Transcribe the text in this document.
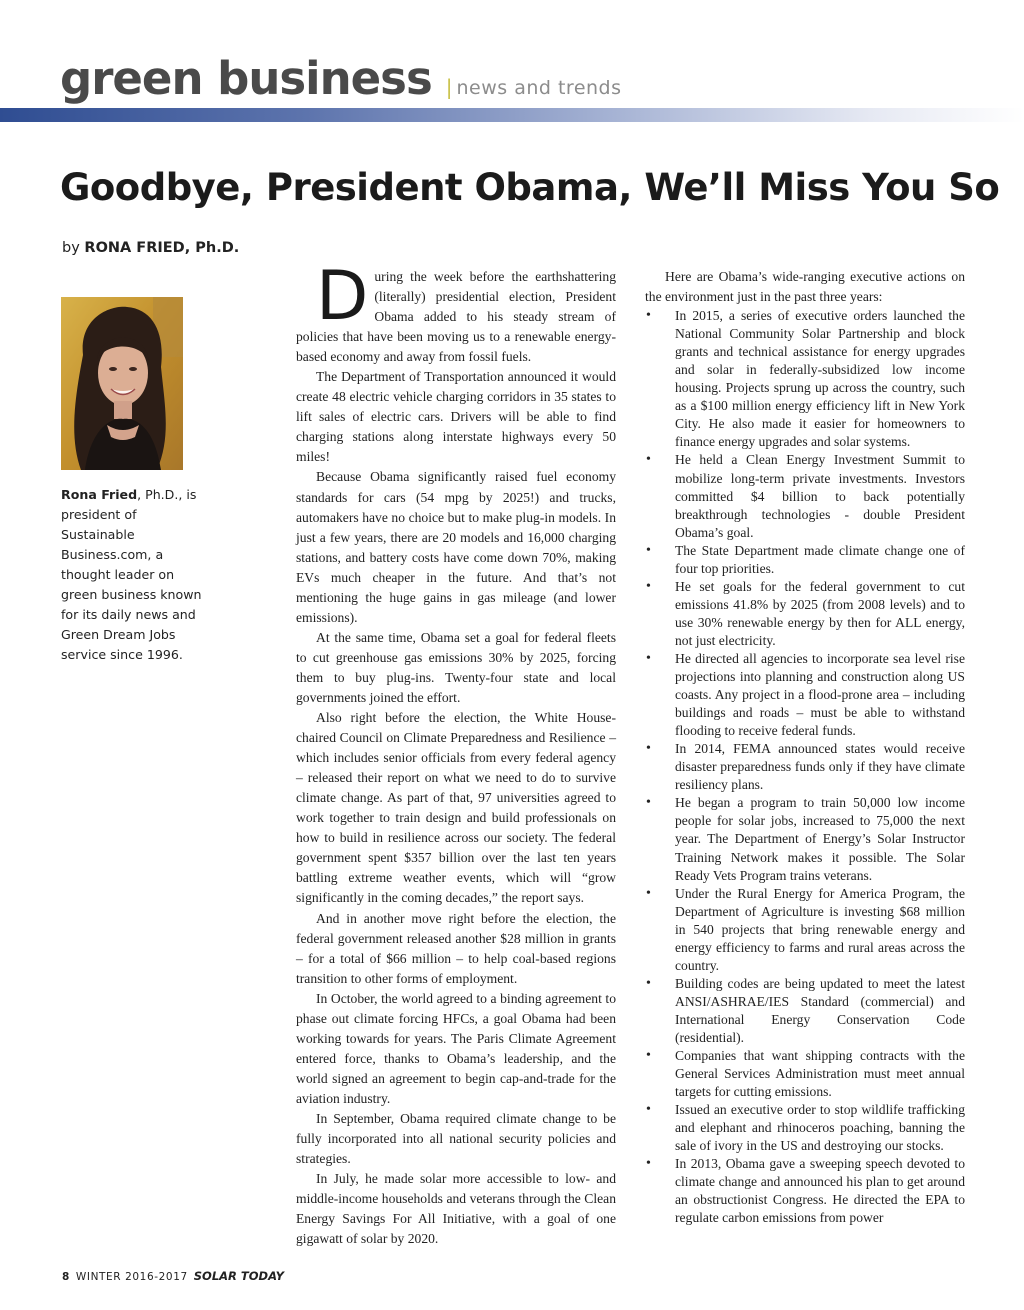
green business | news and trends
Goodbye, President Obama, We’ll Miss You So
by RONA FRIED, Ph.D.
Rona Fried, Ph.D., is president of Sustainable Business.com, a thought leader on green business known for its daily news and Green Dream Jobs service since 1996.

During the week before the earthshattering (literally) presidential election, President Obama added to his steady stream of policies that have been moving us to a renewable energy-based economy and away from fossil fuels.

The Department of Transportation announced it would create 48 electric vehicle charging corridors in 35 states to lift sales of electric cars. Drivers will be able to find charging stations along interstate highways every 50 miles!

Because Obama significantly raised fuel economy standards for cars (54 mpg by 2025!) and trucks, automakers have no choice but to make plug-in models. In just a few years, there are 20 models and 16,000 charging stations, and battery costs have come down 70%, making EVs much cheaper in the future. And that’s not mentioning the huge gains in gas mileage (and lower emissions).

At the same time, Obama set a goal for federal fleets to cut greenhouse gas emissions 30% by 2025, forcing them to buy plug-ins. Twenty-four state and local governments joined the effort.

Also right before the election, the White House-chaired Council on Climate Preparedness and Resilience – which includes senior officials from every federal agency – released their report on what we need to do to survive climate change. As part of that, 97 universities agreed to work together to train design and build professionals on how to build in resilience across our society. The federal government spent $357 billion over the last ten years battling extreme weather events, which will “grow significantly in the coming decades,” the report says.

And in another move right before the election, the federal government released another $28 million in grants – for a total of $66 million – to help coal-based regions transition to other forms of employment.

In October, the world agreed to a binding agreement to phase out climate forcing HFCs, a goal Obama had been working towards for years. The Paris Climate Agreement entered force, thanks to Obama’s leadership, and the world signed an agreement to begin cap-and-trade for the aviation industry.

In September, Obama required climate change to be fully incorporated into all national security policies and strategies.

In July, he made solar more accessible to low- and middle-income households and veterans through the Clean Energy Savings For All Initiative, with a goal of one gigawatt of solar by 2020.

Here are Obama’s wide-ranging executive actions on the environment just in the past three years:

• In 2015, a series of executive orders launched the National Community Solar Partnership and block grants and technical assistance for energy upgrades and solar in federally-subsidized low income housing. Projects sprung up across the country, such as a $100 million energy efficiency lift in New York City. He also made it easier for homeowners to finance energy upgrades and solar systems.
• He held a Clean Energy Investment Summit to mobilize long-term private investments. Investors committed $4 billion to back potentially breakthrough technologies - double President Obama’s goal.
• The State Department made climate change one of four top priorities.
• He set goals for the federal government to cut emissions 41.8% by 2025 (from 2008 levels) and to use 30% renewable energy by then for ALL energy, not just electricity.
• He directed all agencies to incorporate sea level rise projections into planning and construction along US coasts. Any project in a flood-prone area – including buildings and roads – must be able to withstand flooding to receive federal funds.
• In 2014, FEMA announced states would receive disaster preparedness funds only if they have climate resiliency plans.
• He began a program to train 50,000 low income people for solar jobs, increased to 75,000 the next year. The Department of Energy’s Solar Instructor Training Network makes it possible. The Solar Ready Vets Program trains veterans.
• Under the Rural Energy for America Program, the Department of Agriculture is investing $68 million in 540 projects that bring renewable energy and energy efficiency to farms and rural areas across the country.
• Building codes are being updated to meet the latest ANSI/ASHRAE/IES Standard (commercial) and International Energy Conservation Code (residential).
• Companies that want shipping contracts with the General Services Administration must meet annual targets for cutting emissions.
• Issued an executive order to stop wildlife trafficking and elephant and rhinoceros poaching, banning the sale of ivory in the US and destroying our stocks.
• In 2013, Obama gave a sweeping speech devoted to climate change and announced his plan to get around an obstructionist Congress. He directed the EPA to regulate carbon emissions from power
8 WINTER 2016-2017 SOLAR TODAY
